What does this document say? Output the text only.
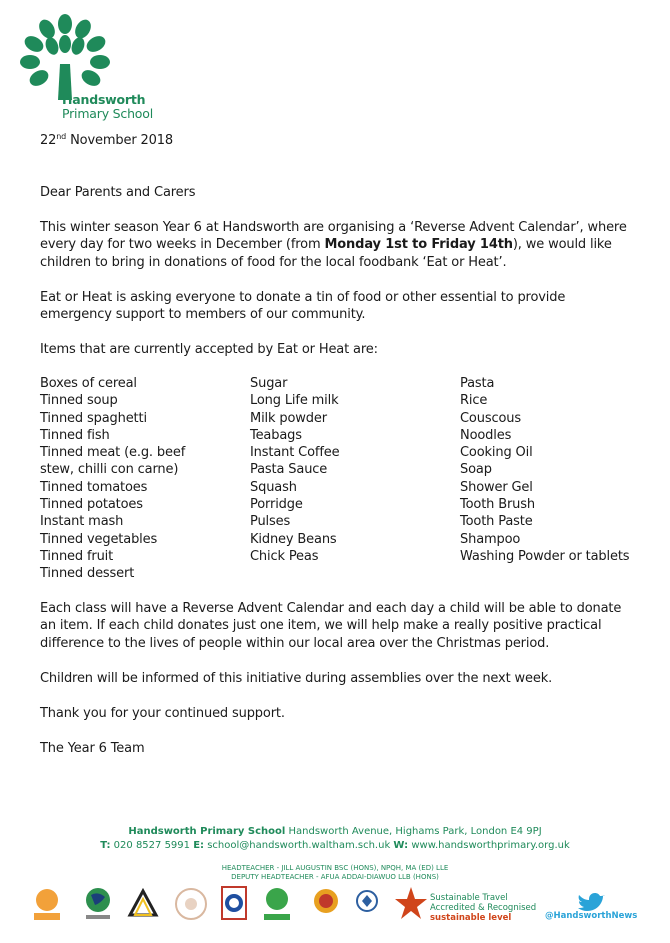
Handsworth
Primary School
22nd November 2018
Dear Parents and Carers

This winter season Year 6 at Handsworth are organising a ‘Reverse Advent Calendar’, where every day for two weeks in December (from Monday 1st to Friday 14th), we would like children to bring in donations of food for the local foodbank ‘Eat or Heat’.

Eat or Heat is asking everyone to donate a tin of food or other essential to provide emergency support to members of our community.

Items that are currently accepted by Eat or Heat are:

Boxes of cereal
Tinned soup
Tinned spaghetti
Tinned fish
Tinned meat (e.g. beef
stew, chilli con carne)
Tinned tomatoes
Tinned potatoes
Instant mash
Tinned vegetables
Tinned fruit
Tinned dessert
Sugar
Long Life milk
Milk powder
Teabags
Instant Coffee
Pasta Sauce
Squash
Porridge
Pulses
Kidney Beans
Chick Peas
Pasta
Rice
Couscous
Noodles
Cooking Oil
Soap
Shower Gel
Tooth Brush
Tooth Paste
Shampoo
Washing Powder or tablets

Each class will have a Reverse Advent Calendar and each day a child will be able to donate an item. If each child donates just one item, we will help make a really positive practical difference to the lives of people within our local area over the Christmas period.

Children will be informed of this initiative during assemblies over the next week.

Thank you for your continued support.

The Year 6 Team

Handsworth Primary School Handsworth Avenue, Highams Park, London E4 9PJ
T: 020 8527 5991 E: school@handsworth.waltham.sch.uk W: www.handsworthprimary.org.uk
HEADTEACHER - JILL AUGUSTIN BSC (HONS), NPQH, MA (ED) LLE
DEPUTY HEADTEACHER - AFUA ADDAI-DIAWUO LLB (HONS)
Sustainable Travel
Accredited & Recognised
sustainable level	@HandsworthNews
